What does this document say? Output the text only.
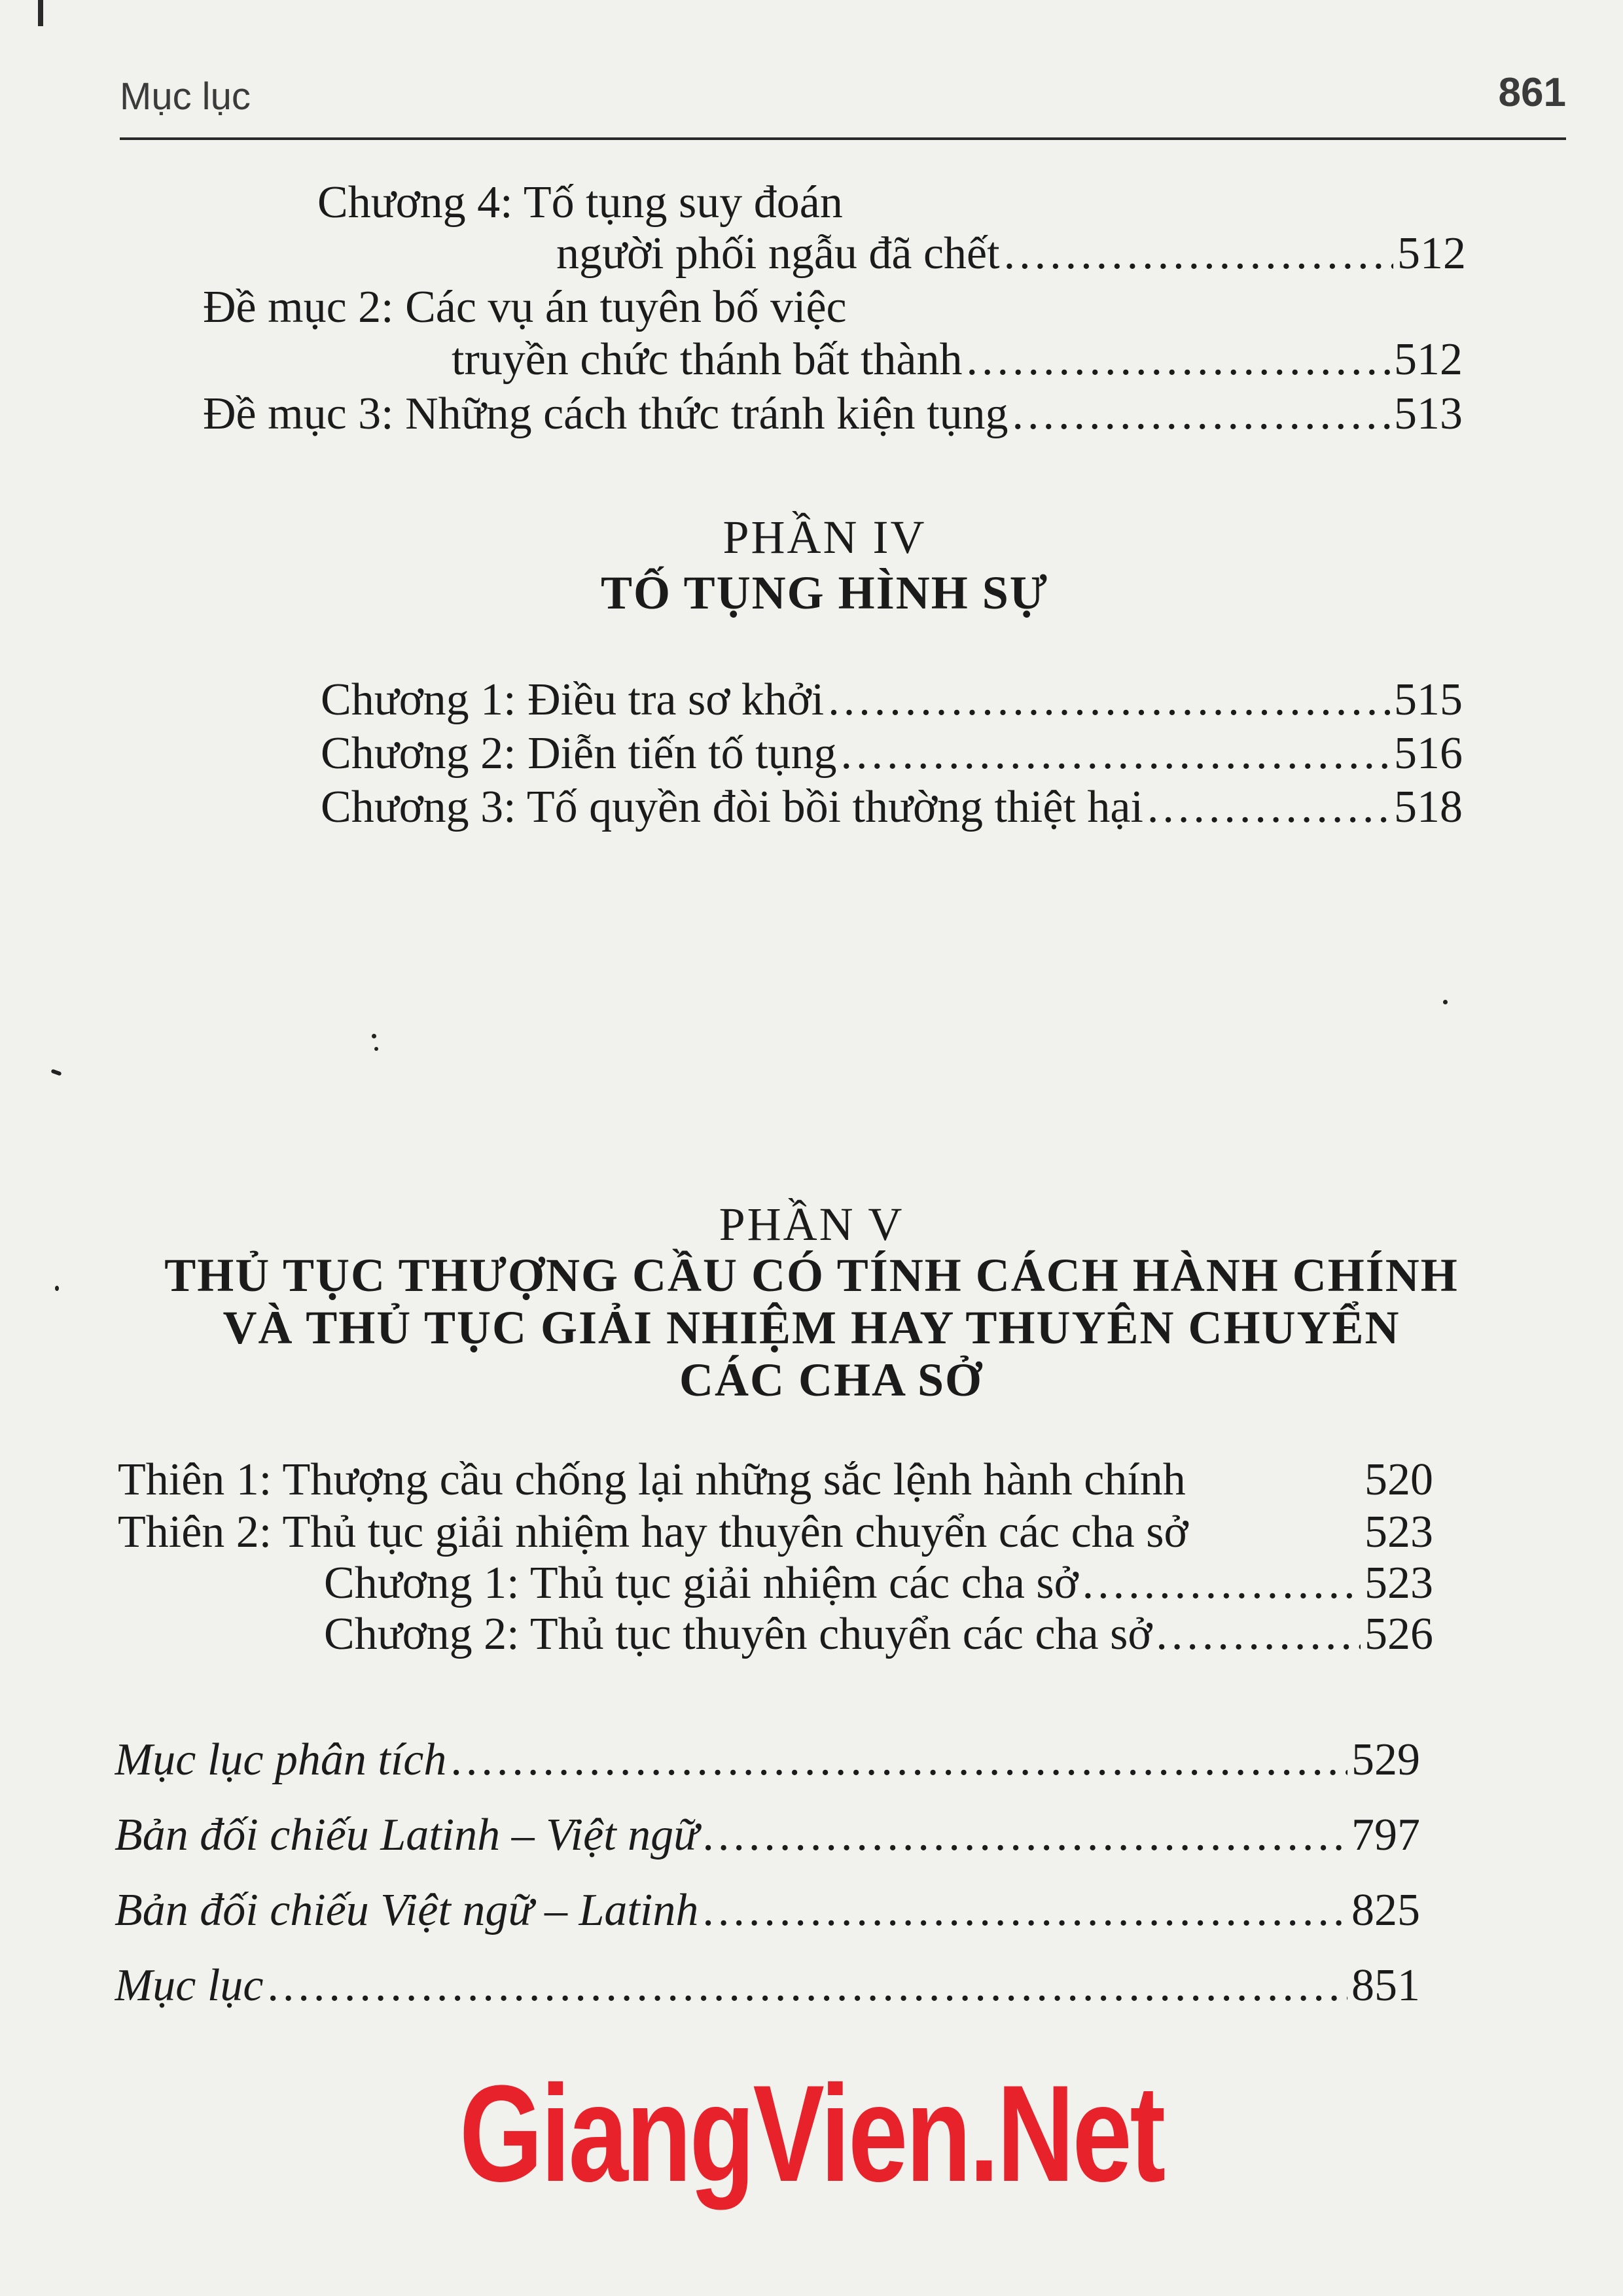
Mục lục	861
Chương 4: Tố tụng suy đoán
người phối ngẫu đã chết .....	512
Đề mục 2: Các vụ án tuyên bố việc
truyền chức thánh bất thành .....	512
Đề mục 3: Những cách thức tránh kiện tụng .....	513
PHẦN IV
TỐ TỤNG HÌNH SỰ
Chương 1: Điều tra sơ khởi .....	515
Chương 2: Diễn tiến tố tụng .....	516
Chương 3: Tố quyền đòi bồi thường thiệt hại .....	518
PHẦN V
THỦ TỤC THƯỢNG CẦU CÓ TÍNH CÁCH HÀNH CHÍNH
VÀ THỦ TỤC GIẢI NHIỆM HAY THUYÊN CHUYỂN
CÁC CHA SỞ
Thiên 1: Thượng cầu chống lại những sắc lệnh hành chính	520
Thiên 2: Thủ tục giải nhiệm hay thuyên chuyển các cha sở	523
Chương 1: Thủ tục giải nhiệm các cha sở .....	523
Chương 2: Thủ tục thuyên chuyển các cha sở .....	526
Mục lục phân tích .....	529
Bản đối chiếu Latinh – Việt ngữ .....	797
Bản đối chiếu Việt ngữ – Latinh .....	825
Mục lục .....	851
GiangVien.Net
